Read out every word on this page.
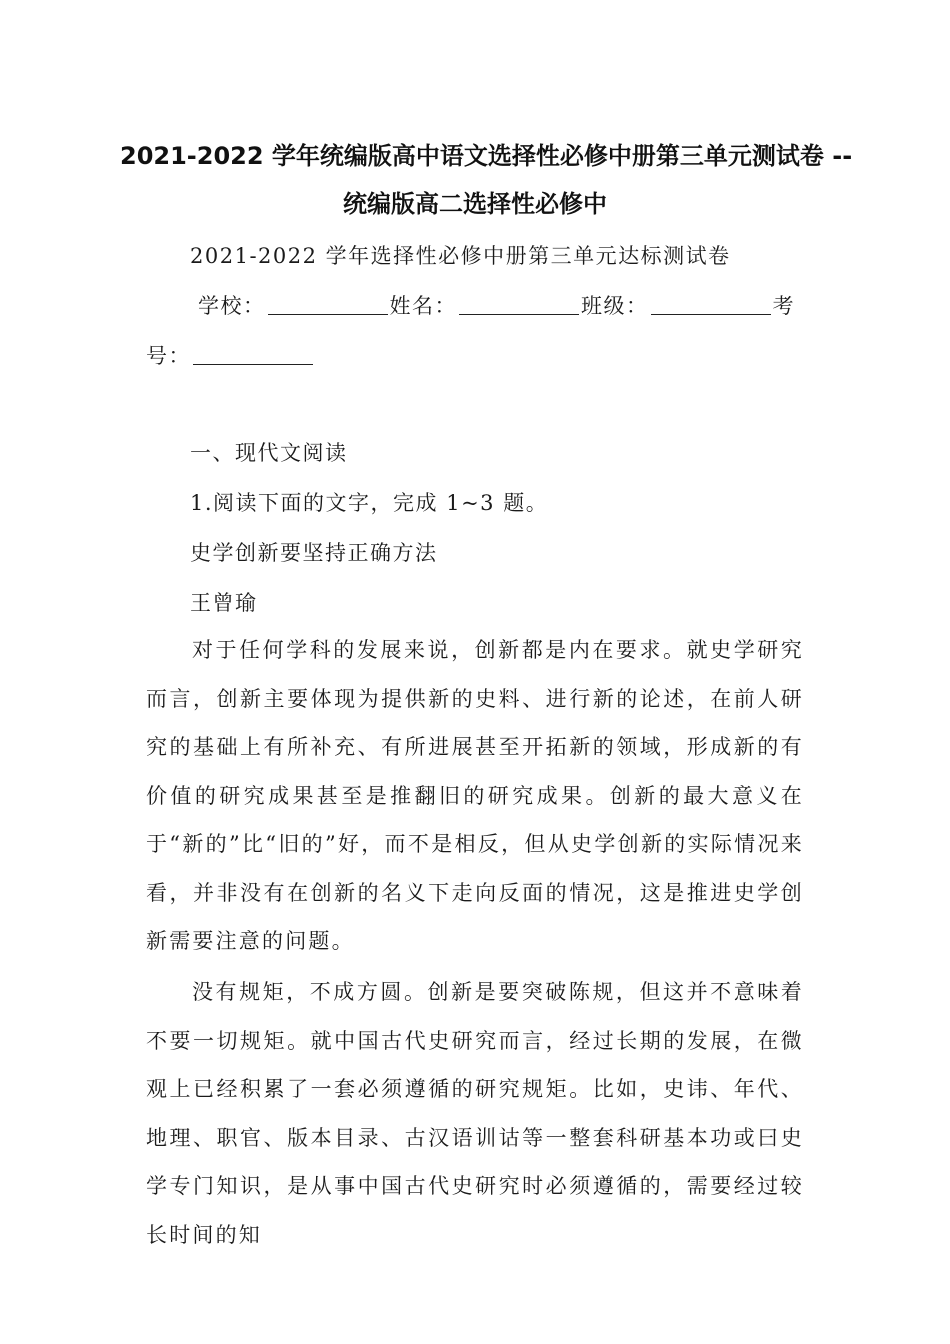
2021-2022 学年统编版高中语文选择性必修中册第三单元测试卷 --
统编版高二选择性必修中
2021-2022 学年选择性必修中册第三单元达标测试卷
学校：	姓名：	班级：	考
号：
一、现代文阅读
1.阅读下面的文字，完成 1~3 题。
史学创新要坚持正确方法
王曾瑜
对于任何学科的发展来说，创新都是内在要求。就史学研究而言，创新主要体现为提供新的史料、进行新的论述，在前人研究的基础上有所补充、有所进展甚至开拓新的领域，形成新的有价值的研究成果甚至是推翻旧的研究成果。创新的最大意义在于“新的”比“旧的”好，而不是相反，但从史学创新的实际情况来看，并非没有在创新的名义下走向反面的情况，这是推进史学创新需要注意的问题。
没有规矩，不成方圆。创新是要突破陈规，但这并不意味着不要一切规矩。就中国古代史研究而言，经过长期的发展，在微观上已经积累了一套必须遵循的研究规矩。比如，史讳、年代、地理、职官、版本目录、古汉语训诂等一整套科研基本功或曰史学专门知识，是从事中国古代史研究时必须遵循的，需要经过较长时间的知
